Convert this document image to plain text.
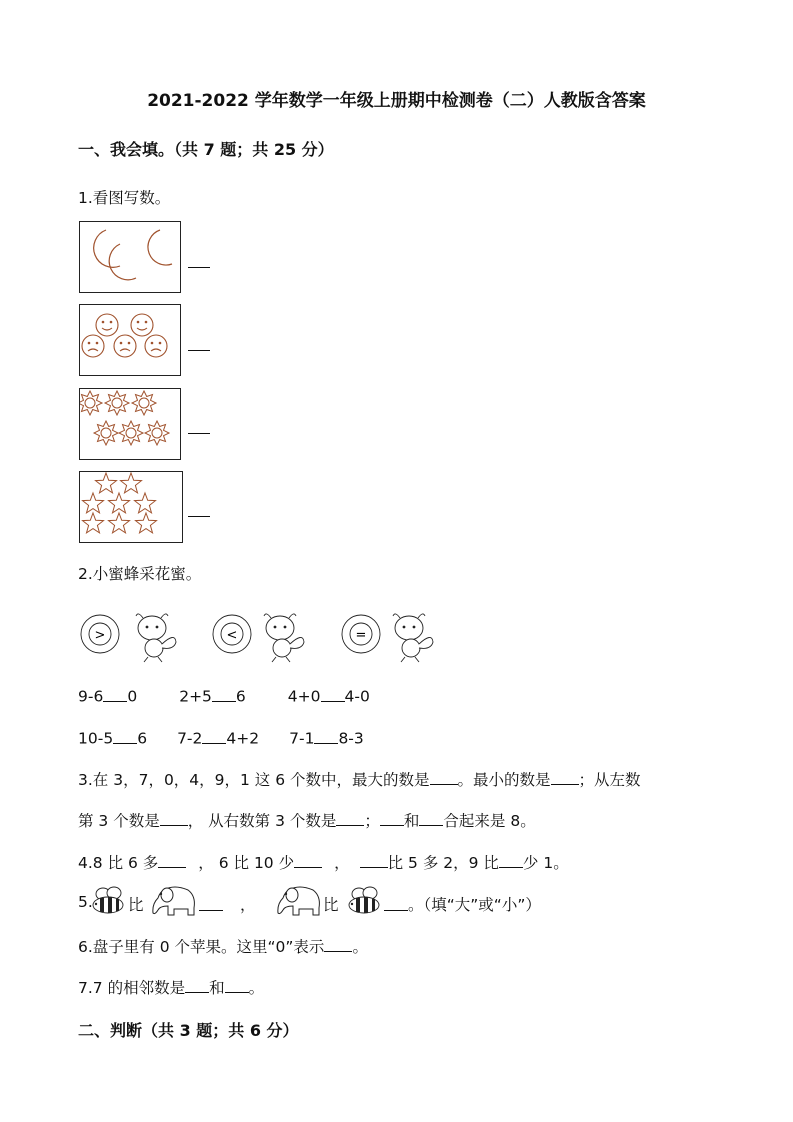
2021-2022 学年数学一年级上册期中检测卷（二）人教版含答案
一、我会填。（共 7 题；共 25 分）
1.看图写数。
2.小蜜蜂采花蜜。
>	<	=
9-6 0	2+5 6	4+0 4-0
10-5 6 7-2 4+2 7-1 8-3
3.在 3，7，0，4，9，1 这 6 个数中，最大的数是 。最小的数是 ；从左数
第 3 个数是 ， 从右数第 3 个数是 ； 和 合起来是 8。
4.8 比 6 多	， 6 比 10 少	， 比 5 多 2，9 比 少 1。
5. 比	，	比	。（填“大”或“小”）
6.盘子里有 0 个苹果。这里“0”表示 。
7.7 的相邻数是 和 。
二、判断（共 3 题；共 6 分）
